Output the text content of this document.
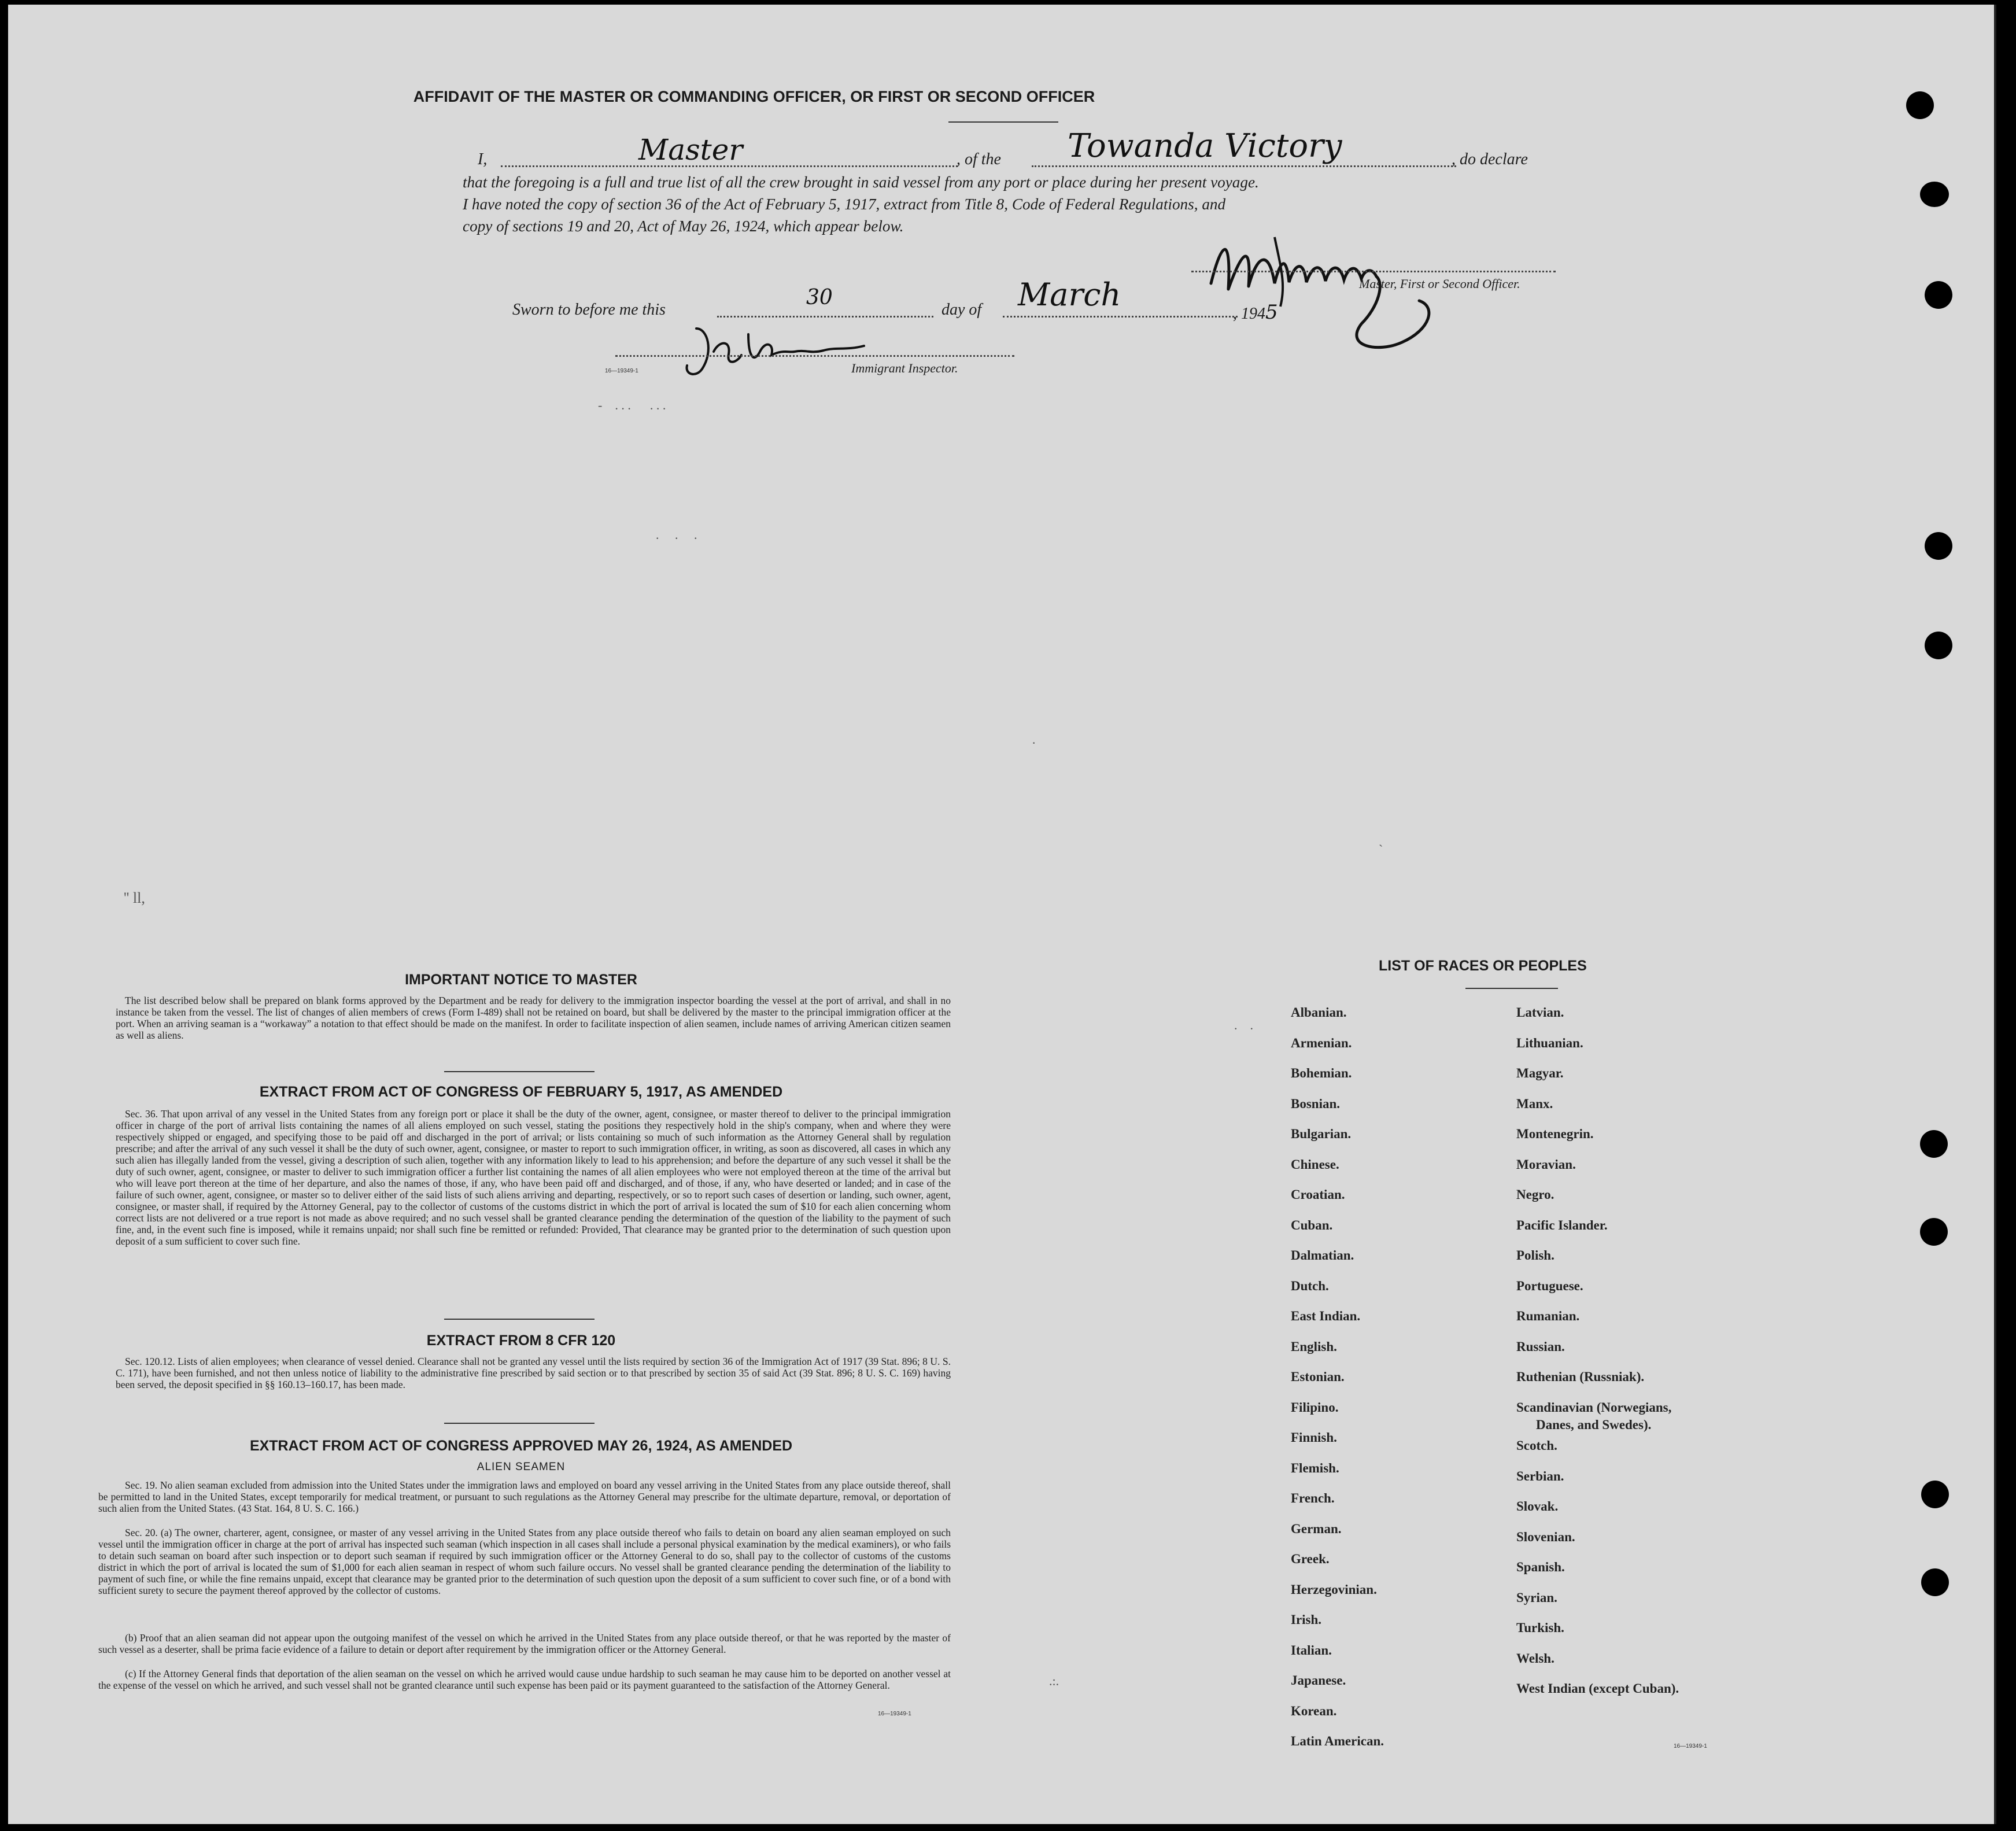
AFFIDAVIT OF THE MASTER OR COMMANDING OFFICER, OR FIRST OR SECOND OFFICER
I,	Master	, of the Towanda Victory	, do declare
that the foregoing is a full and true list of all the crew brought in said vessel from any port or place during her present voyage.
I have noted the copy of section 36 of the Act of February 5, 1917, extract from Title 8, Code of Federal Regulations, and
copy of sections 19 and 20, Act of May 26, 1924, which appear below.
Master, First or Second Officer.
Sworn to before me this
30
day of March
, 1945
16—19349-1	Immigrant Inspector.
-    . . .      . . .
.     .     .
'' ll,
·
`
.    .
.:.
IMPORTANT NOTICE TO MASTER
The list described below shall be prepared on blank forms approved by the Department and be ready for delivery to the immigration inspector boarding the vessel at the port of arrival, and shall in no instance be taken from the vessel. The list of changes of alien members of crews (Form I-489) shall not be retained on board, but shall be delivered by the master to the principal immigration officer at the port. When an arriving seaman is a “workaway” a notation to that effect should be made on the manifest. In order to facilitate inspection of alien seamen, include names of arriving American citizen seamen as well as aliens.
EXTRACT FROM ACT OF CONGRESS OF FEBRUARY 5, 1917, AS AMENDED
Sec. 36. That upon arrival of any vessel in the United States from any foreign port or place it shall be the duty of the owner, agent, consignee, or master thereof to deliver to the principal immigration officer in charge of the port of arrival lists containing the names of all aliens employed on such vessel, stating the positions they respectively hold in the ship's company, when and where they were respectively shipped or engaged, and specifying those to be paid off and discharged in the port of arrival; or lists containing so much of such information as the Attorney General shall by regulation prescribe; and after the arrival of any such vessel it shall be the duty of such owner, agent, consignee, or master to report to such immigration officer, in writing, as soon as discovered, all cases in which any such alien has illegally landed from the vessel, giving a description of such alien, together with any information likely to lead to his apprehension; and before the departure of any such vessel it shall be the duty of such owner, agent, consignee, or master to deliver to such immigration officer a further list containing the names of all alien employees who were not employed thereon at the time of the arrival but who will leave port thereon at the time of her departure, and also the names of those, if any, who have been paid off and discharged, and of those, if any, who have deserted or landed; and in case of the failure of such owner, agent, consignee, or master so to deliver either of the said lists of such aliens arriving and departing, respectively, or so to report such cases of desertion or landing, such owner, agent, consignee, or master shall, if required by the Attorney General, pay to the collector of customs of the customs district in which the port of arrival is located the sum of $10 for each alien concerning whom correct lists are not delivered or a true report is not made as above required; and no such vessel shall be granted clearance pending the determination of the question of the liability to the payment of such fine, and, in the event such fine is imposed, while it remains unpaid; nor shall such fine be remitted or refunded: Provided, That clearance may be granted prior to the determination of such question upon deposit of a sum sufficient to cover such fine.
EXTRACT FROM 8 CFR 120
Sec. 120.12. Lists of alien employees; when clearance of vessel denied. Clearance shall not be granted any vessel until the lists required by section 36 of the Immigration Act of 1917 (39 Stat. 896; 8 U. S. C. 171), have been furnished, and not then unless notice of liability to the administrative fine prescribed by said section or to that prescribed by section 35 of said Act (39 Stat. 896; 8 U. S. C. 169) having been served, the deposit specified in §§ 160.13–160.17, has been made.
EXTRACT FROM ACT OF CONGRESS APPROVED MAY 26, 1924, AS AMENDED
ALIEN SEAMEN
Sec. 19. No alien seaman excluded from admission into the United States under the immigration laws and employed on board any vessel arriving in the United States from any place outside thereof, shall be permitted to land in the United States, except temporarily for medical treatment, or pursuant to such regulations as the Attorney General may prescribe for the ultimate departure, removal, or deportation of such alien from the United States. (43 Stat. 164, 8 U. S. C. 166.)
Sec. 20. (a) The owner, charterer, agent, consignee, or master of any vessel arriving in the United States from any place outside thereof who fails to detain on board any alien seaman employed on such vessel until the immigration officer in charge at the port of arrival has inspected such seaman (which inspection in all cases shall include a personal physical examination by the medical examiners), or who fails to detain such seaman on board after such inspection or to deport such seaman if required by such immigration officer or the Attorney General to do so, shall pay to the collector of customs of the customs district in which the port of arrival is located the sum of $1,000 for each alien seaman in respect of whom such failure occurs. No vessel shall be granted clearance pending the determination of the liability to payment of such fine, or while the fine remains unpaid, except that clearance may be granted prior to the determination of such question upon the deposit of a sum sufficient to cover such fine, or of a bond with sufficient surety to secure the payment thereof approved by the collector of customs.
(b) Proof that an alien seaman did not appear upon the outgoing manifest of the vessel on which he arrived in the United States from any place outside thereof, or that he was reported by the master of such vessel as a deserter, shall be prima facie evidence of a failure to detain or deport after requirement by the immigration officer or the Attorney General.
(c) If the Attorney General finds that deportation of the alien seaman on the vessel on which he arrived would cause undue hardship to such seaman he may cause him to be deported on another vessel at the expense of the vessel on which he arrived, and such vessel shall not be granted clearance until such expense has been paid or its payment guaranteed to the satisfaction of the Attorney General.
16—19349-1
LIST OF RACES OR PEOPLES
16—19349-1
Albanian.
Armenian.
Bohemian.
Bosnian.
Bulgarian.
Chinese.
Croatian.
Cuban.
Dalmatian.
Dutch.
East Indian.
English.
Estonian.
Filipino.
Finnish.
Flemish.
French.
German.
Greek.
Herzegovinian.
Irish.
Italian.
Japanese.
Korean.
Latin American.
Latvian.
Lithuanian.
Magyar.
Manx.
Montenegrin.
Moravian.
Negro.
Pacific Islander.
Polish.
Portuguese.
Rumanian.
Russian.
Ruthenian (Russniak).
Scandinavian (Norwegians,
Danes, and Swedes).
Scotch.
Serbian.
Slovak.
Slovenian.
Spanish.
Syrian.
Turkish.
Welsh.
West Indian (except Cuban).
